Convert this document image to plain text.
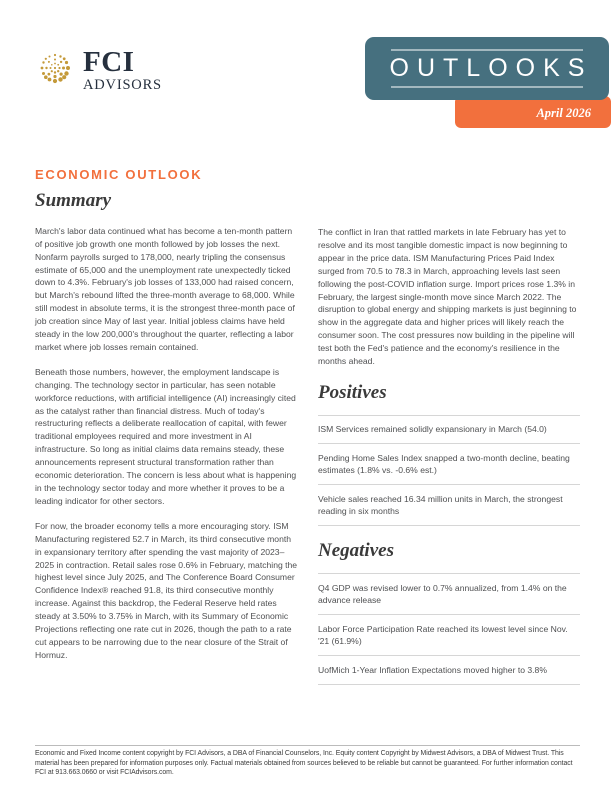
FCI
ADVISORS
OUTLOOKS
April 2026
ECONOMIC OUTLOOK
Summary

March's labor data continued what has become a ten-month pattern of positive job growth one month followed by job losses the next. Nonfarm payrolls surged to 178,000, nearly tripling the consensus estimate of 65,000 and the unemployment rate unexpectedly ticked down to 4.3%. February's job losses of 133,000 had raised concern, but March's rebound lifted the three-month average to 68,000. While still modest in absolute terms, it is the strongest three-month pace of job creation since May of last year. Initial jobless claims have held steady in the low 200,000's throughout the quarter, reflecting a labor market where job losses remain contained.

Beneath those numbers, however, the employment landscape is changing. The technology sector in particular, has seen notable workforce reductions, with artificial intelligence (AI) increasingly cited as the catalyst rather than financial distress. Much of today's restructuring reflects a deliberate reallocation of capital, with fewer traditional employees required and more investment in AI infrastructure. So long as initial claims data remains steady, these announcements represent structural transformation rather than economic deterioration. The concern is less about what is happening in the technology sector today and more whether it proves to be a leading indicator for other sectors.

For now, the broader economy tells a more encouraging story. ISM Manufacturing registered 52.7 in March, its third consecutive month in expansionary territory after spending the vast majority of 2023–2025 in contraction. Retail sales rose 0.6% in February, matching the highest level since July 2025, and The Conference Board Consumer Confidence Index® reached 91.8, its third consecutive monthly increase. Against this backdrop, the Federal Reserve held rates steady at 3.50% to 3.75% in March, with its Summary of Economic Projections reflecting one rate cut in 2026, though the path to a rate cut appears to be narrowing due to the near closure of the Strait of Hormuz.

The conflict in Iran that rattled markets in late February has yet to resolve and its most tangible domestic impact is now beginning to appear in the price data. ISM Manufacturing Prices Paid Index surged from 70.5 to 78.3 in March, approaching levels last seen following the post-COVID inflation surge. Import prices rose 1.3% in February, the largest single-month move since March 2022. The disruption to global energy and shipping markets is just beginning to show in the aggregate data and higher prices will likely reach the consumer soon. The cost pressures now building in the pipeline will test both the Fed's patience and the economy's resilience in the months ahead.

Positives
ISM Services remained solidly expansionary in March (54.0)
Pending Home Sales Index snapped a two-month decline, beating estimates (1.8% vs. -0.6% est.)
Vehicle sales reached 16.34 million units in March, the strongest reading in six months
Negatives
Q4 GDP was revised lower to 0.7% annualized, from 1.4% on the advance release
Labor Force Participation Rate reached its lowest level since Nov. '21 (61.9%)
UofMich 1-Year Inflation Expectations moved higher to 3.8%
Economic and Fixed Income content copyright by FCI Advisors, a DBA of Financial Counselors, Inc. Equity content Copyright by Midwest Advisors, a DBA of Midwest Trust. This material has been prepared for information purposes only. Factual materials obtained from sources believed to be reliable but cannot be guaranteed. For further information contact FCI at 913.663.0660 or visit FCIAdvisors.com.
